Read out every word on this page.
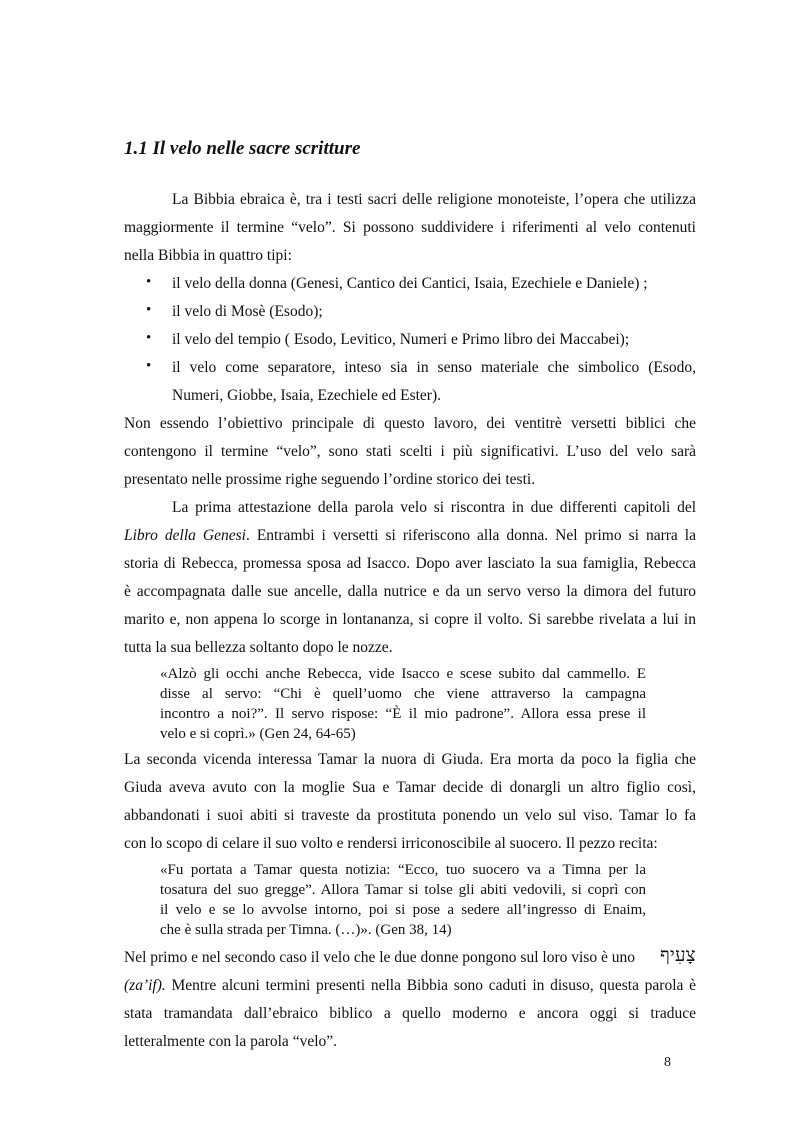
1.1 Il velo nelle sacre scritture
La Bibbia ebraica è, tra i testi sacri delle religione monoteiste, l’opera che utilizza
maggiormente il termine “velo”. Si possono suddividere i riferimenti al velo contenuti
nella Bibbia in quattro tipi:
• il velo della donna (Genesi, Cantico dei Cantici, Isaia, Ezechiele e Daniele) ;
• il velo di Mosè (Esodo);
• il velo del tempio ( Esodo, Levitico, Numeri e Primo libro dei Maccabei);
• il velo come separatore, inteso sia in senso materiale che simbolico (Esodo,
Numeri, Giobbe, Isaia, Ezechiele ed Ester).
Non essendo l’obiettivo principale di questo lavoro, dei ventitrè versetti biblici che
contengono il termine “velo”, sono stati scelti i più significativi. L’uso del velo sarà
presentato nelle prossime righe seguendo l’ordine storico dei testi.
La prima attestazione della parola velo si riscontra in due differenti capitoli del
Libro della Genesi. Entrambi i versetti si riferiscono alla donna. Nel primo si narra la
storia di Rebecca, promessa sposa ad Isacco. Dopo aver lasciato la sua famiglia, Rebecca
è accompagnata dalle sue ancelle, dalla nutrice e da un servo verso la dimora del futuro
marito e, non appena lo scorge in lontananza, si copre il volto. Si sarebbe rivelata a lui in
tutta la sua bellezza soltanto dopo le nozze.
«Alzò gli occhi anche Rebecca, vide Isacco e scese subito dal cammello. E
disse al servo: “Chi è quell’uomo che viene attraverso la campagna
incontro a noi?”. Il servo rispose: “È il mio padrone”. Allora essa prese il
velo e si coprì.» (Gen 24, 64-65)
La seconda vicenda interessa Tamar la nuora di Giuda. Era morta da poco la figlia che
Giuda aveva avuto con la moglie Sua e Tamar decide di donargli un altro figlio così,
abbandonati i suoi abiti si traveste da prostituta ponendo un velo sul viso. Tamar lo fa
con lo scopo di celare il suo volto e rendersi irriconoscibile al suocero. Il pezzo recita:
«Fu portata a Tamar questa notizia: “Ecco, tuo suocero va a Timna per la
tosatura del suo gregge”. Allora Tamar si tolse gli abiti vedovili, si coprì con
il velo e se lo avvolse intorno, poi si pose a sedere all’ingresso di Enaim,
che è sulla strada per Timna. (…)». (Gen 38, 14)
Nel primo e nel secondo caso il velo che le due donne pongono sul loro viso è uno	צָעִיף
(za’if). Mentre alcuni termini presenti nella Bibbia sono caduti in disuso, questa parola è
stata tramandata dall’ebraico biblico a quello moderno e ancora oggi si traduce
letteralmente con la parola “velo”.
8
